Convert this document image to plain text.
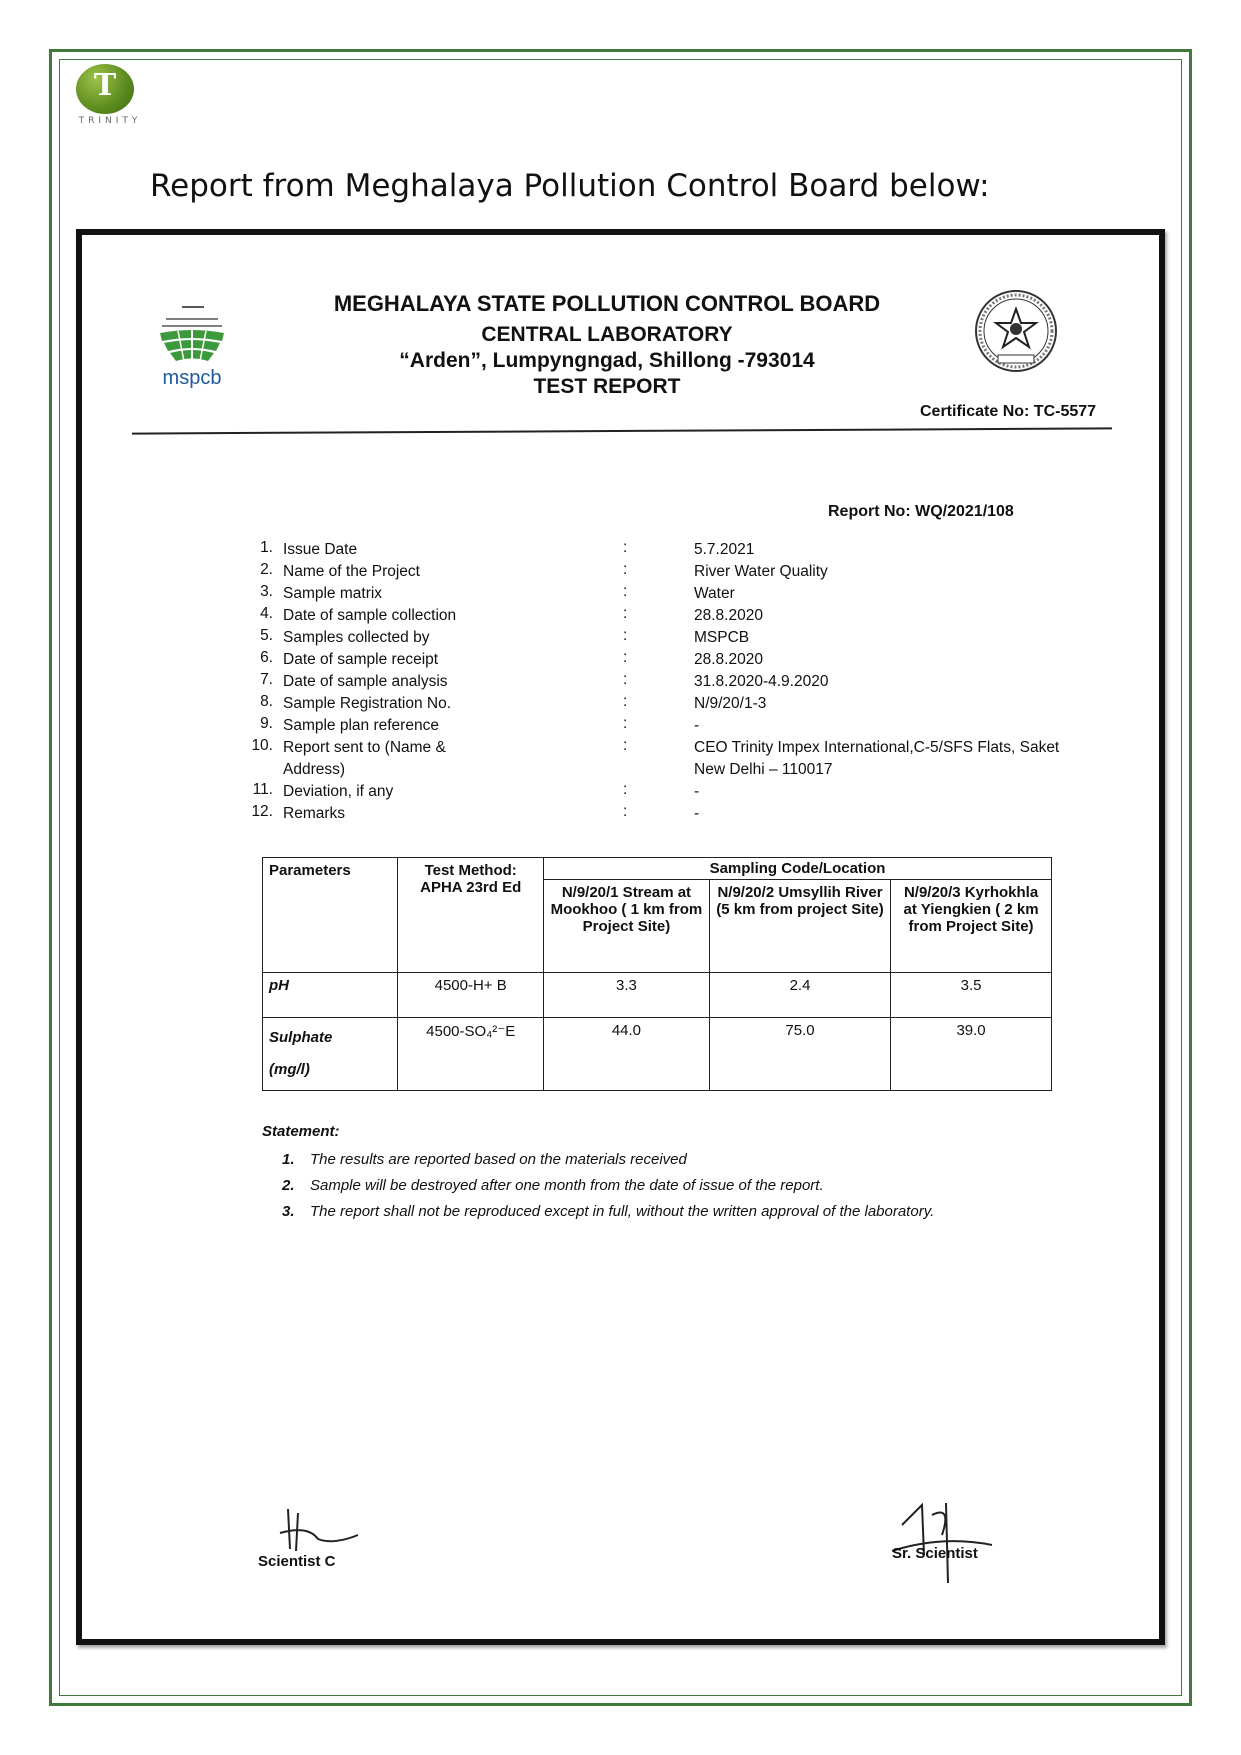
T
TRINITY
Report from Meghalaya Pollution Control Board below:
mspcb
MEGHALAYA STATE POLLUTION CONTROL BOARD
CENTRAL LABORATORY
“Arden”, Lumpyngngad, Shillong -793014
TEST REPORT
Certificate No: TC-5577
Report No: WQ/2021/108
1. Issue Date	:	5.7.2021
2. Name of the Project	:	River Water Quality
3. Sample matrix	:	Water
4. Date of sample collection	:	28.8.2020
5. Samples collected by	:	MSPCB
6. Date of sample receipt	:	28.8.2020
7. Date of sample analysis	:	31.8.2020-4.9.2020
8. Sample Registration No.	:	N/9/20/1-3
9. Sample plan reference	:	-
10. Report sent to (Name & Address)
:	CEO Trinity Impex International,C-5/SFS Flats, Saket New Delhi – 110017
11. Deviation, if any	:	-
12. Remarks	:	-
Parameters	Test Method: APHA 23rd Ed	Sampling Code/Location		
		N/9/20/1 Stream at Mookhoo ( 1 km from Project Site)	N/9/20/2 Umsyllih River (5 km from project Site)	N/9/20/3 Kyrhokhla at Yiengkien ( 2 km from Project Site)
pH	4500-H+ B	3.3	2.4	3.5
Sulphate
(mg/l)	4500-SO₄²⁻E	44.0	75.0	39.0
Statement:
1. The results are reported based on the materials received
2. Sample will be destroyed after one month from the date of issue of the report.
3. The report shall not be reproduced except in full, without the written approval of the laboratory.
Scientist C	Sr. Scientist
